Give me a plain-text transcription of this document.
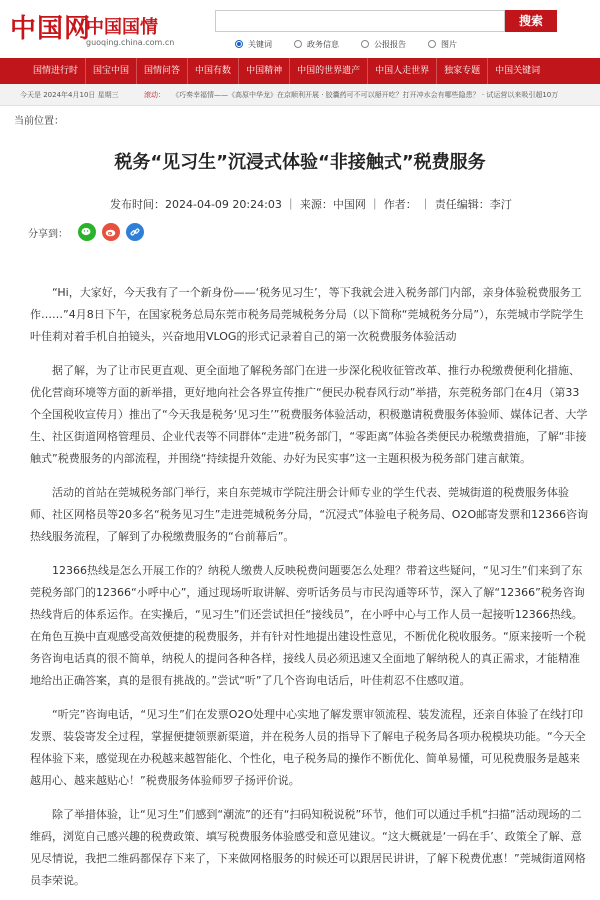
中国网
中国国情
guoqing.china.com.cn
搜索
关键词	政务信息	公报报告	图片
国情进行时	国宝中国	国情问答	中国有数	中国精神	中国的世界遗产	中国人走世界	独家专题	中国关键词
今天是 2024年4月10日 星期三	滚动： 《巧奏幸福情——《高原中华龙》在京顺利开展 · 胶囊药可不可以掰开吃？打开冲水会有哪些隐患？ · 试运营以来吸引超10万
当前位置：
税务“见习生”沉浸式体验“非接触式”税费服务
发布时间：2024-04-09 20:24:03 ｜ 来源：中国网 ｜ 作者： ｜ 责任编辑：李汀
分享到：

“Hi，大家好，今天我有了一个新身份——‘税务见习生’，等下我就会进入税务部门内部，亲身体验税费服务工作……”4月8日下午，在国家税务总局东莞市税务局莞城税务分局（以下简称“莞城税务分局”），东莞城市学院学生叶佳莉对着手机自拍镜头，兴奋地用VLOG的形式记录着自己的第一次税费服务体验活动

据了解，为了让市民更直观、更全面地了解税务部门在进一步深化税收征管改革、推行办税缴费便利化措施、优化营商环境等方面的新举措，更好地向社会各界宣传推广“便民办税春风行动”举措，东莞税务部门在4月（第33个全国税收宣传月）推出了“今天我是税务‘见习生’”税费服务体验活动，积极邀请税费服务体验师、媒体记者、大学生、社区街道网格管理员、企业代表等不同群体“走进”税务部门，“零距离”体验各类便民办税缴费措施，了解“非接触式”税费服务的内部流程，并围绕“持续提升效能、办好为民实事”这一主题积极为税务部门建言献策。

活动的首站在莞城税务部门举行，来自东莞城市学院注册会计师专业的学生代表、莞城街道的税费服务体验师、社区网格员等20多名“税务见习生”走进莞城税务分局，“沉浸式”体验电子税务局、O2O邮寄发票和12366咨询热线服务流程，了解到了办税缴费服务的“台前幕后”。

12366热线是怎么开展工作的？纳税人缴费人反映税费问题要怎么处理？带着这些疑问，“见习生”们来到了东莞税务部门的12366“小呼中心”，通过现场听取讲解、旁听话务员与市民沟通等环节，深入了解“12366”税务咨询热线背后的体系运作。在实操后，“见习生”们还尝试担任“接线员”，在小呼中心与工作人员一起接听12366热线。在角色互换中直观感受高效便捷的税费服务，并有针对性地提出建设性意见，不断优化税收服务。“原来接听一个税务咨询电话真的很不简单，纳税人的提问各种各样，接线人员必须迅速又全面地了解纳税人的真正需求，才能精准地给出正确答案，真的是很有挑战的。”尝试“听”了几个咨询电话后，叶佳莉忍不住感叹道。

“听完”咨询电话，“见习生”们在发票O2O处理中心实地了解发票审领流程、装发流程，还亲自体验了在线打印发票、装袋寄发全过程，掌握便捷领票新渠道，并在税务人员的指导下了解电子税务局各项办税模块功能。“今天全程体验下来，感觉现在办税越来越智能化、个性化，电子税务局的操作不断优化、简单易懂，可见税费服务是越来越用心、越来越贴心！”税费服务体验师罗子扬评价说。

除了举措体验，让“见习生”们感到“潮流”的还有“扫码知税说税”环节，他们可以通过手机“扫描”活动现场的二维码，浏览自己感兴趣的税费政策、填写税费服务体验感受和意见建议。“这大概就是‘一码在手’、政策全了解、意见尽情说，我把二维码都保存下来了，下来做网格服务的时候还可以跟居民讲讲，了解下税费优惠！”莞城街道网格员李荣说。
